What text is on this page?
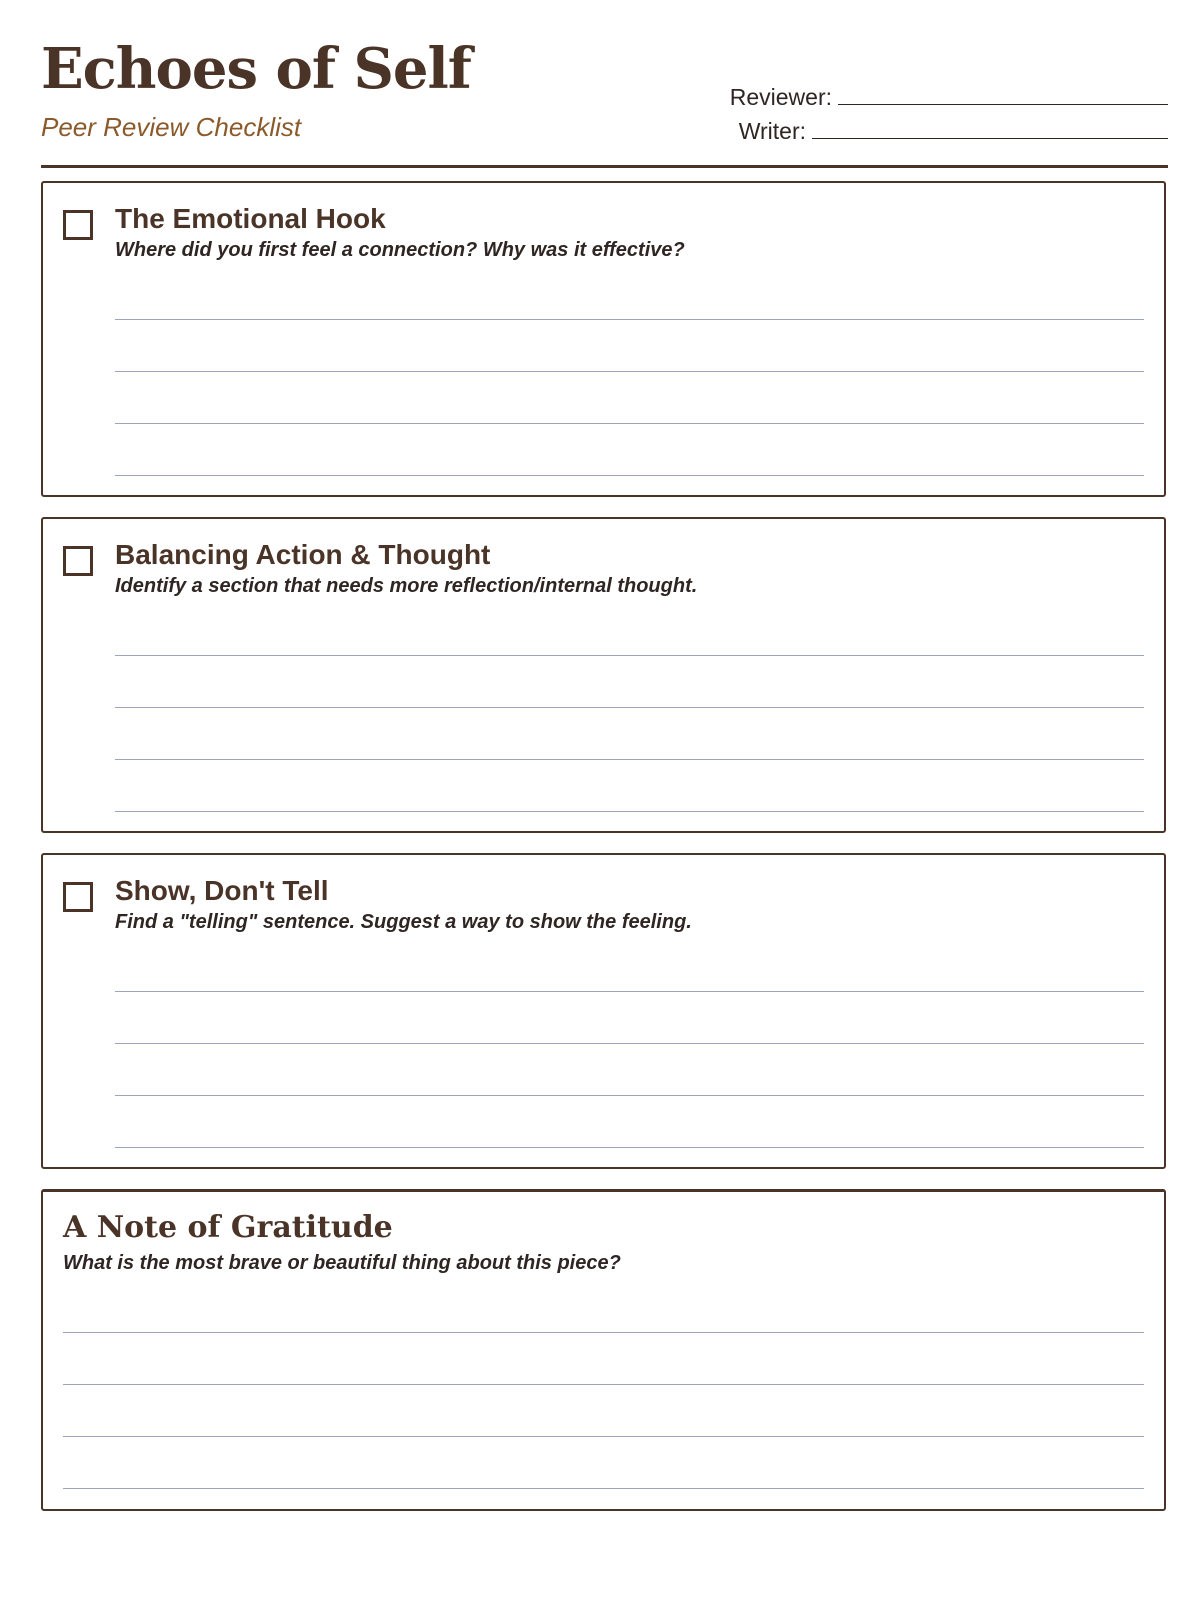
Echoes of Self
Peer Review Checklist
Reviewer:
Writer:
The Emotional Hook
Where did you first feel a connection? Why was it effective?
Balancing Action & Thought
Identify a section that needs more reflection/internal thought.
Show, Don't Tell
Find a "telling" sentence. Suggest a way to show the feeling.
A Note of Gratitude
What is the most brave or beautiful thing about this piece?
